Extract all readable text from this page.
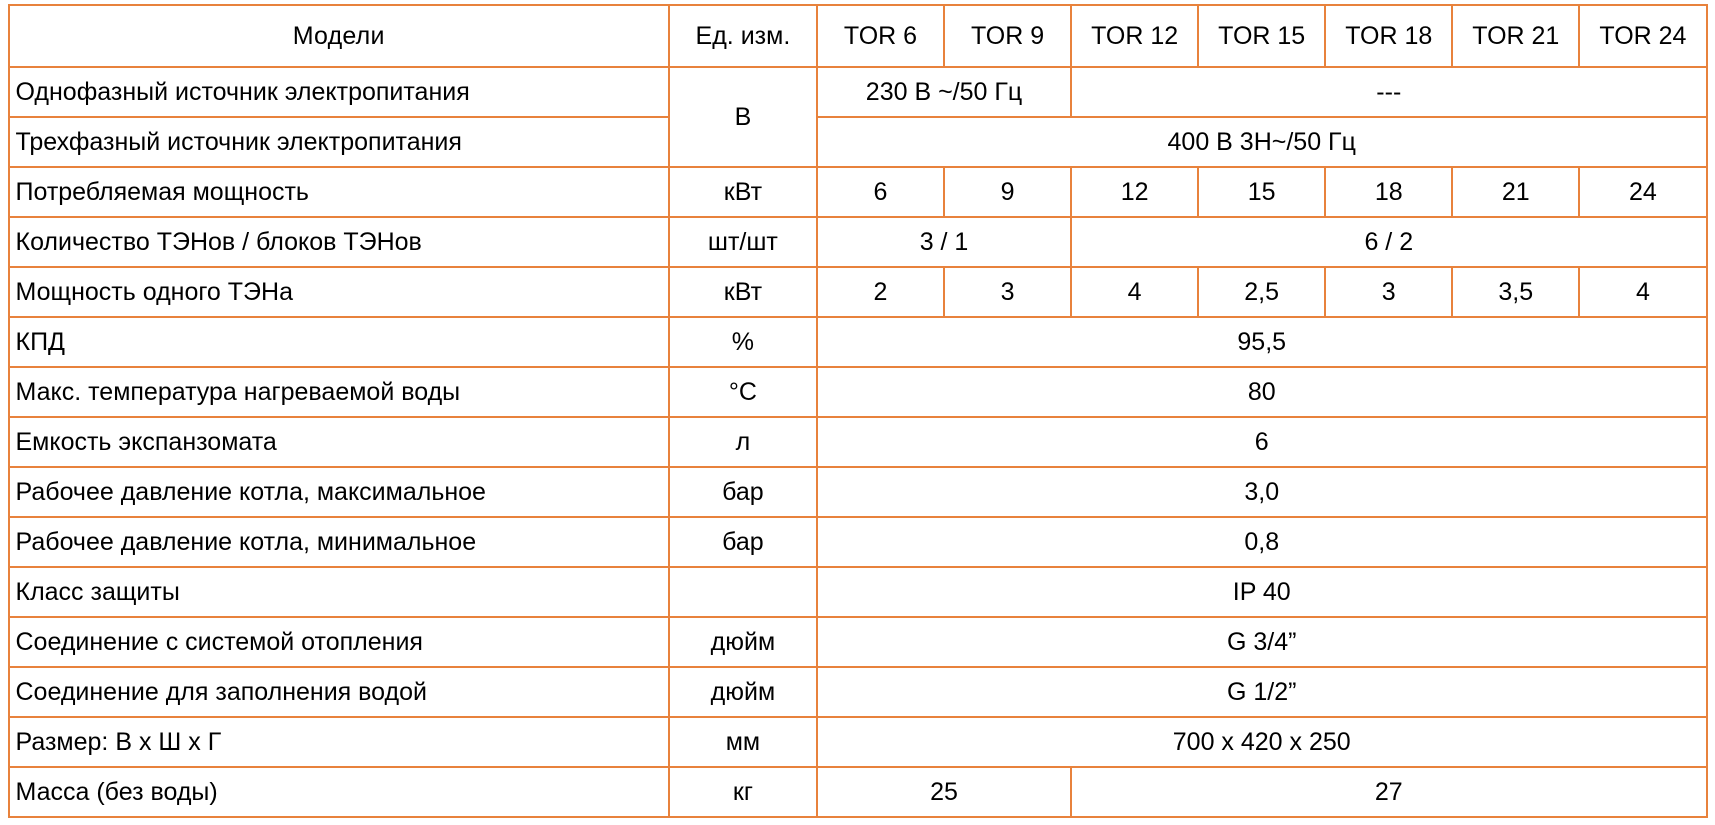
Модели	Ед. изм.	TOR 6	TOR 9	TOR 12	TOR 15	TOR 18	TOR 21	TOR 24
Однофазный источник электропитания	В	230 В ~/50 Гц		---				
Трехфазный источник электропитания		400 В 3Н~/50 Гц						
Потребляемая мощность	кВт	6	9	12	15	18	21	24
Количество ТЭНов / блоков ТЭНов	шт/шт	3 / 1		6 / 2				
Мощность одного ТЭНа	кВт	2	3	4	2,5	3	3,5	4
КПД	%	95,5						
Макс. температура нагреваемой воды	°C	80						
Емкость экспанзомата	л	6						
Рабочее давление котла, максимальное	бар	3,0						
Рабочее давление котла, минимальное	бар	0,8						
Класс защиты		IP 40						
Соединение с системой отопления	дюйм	G 3/4”						
Соединение для заполнения водой	дюйм	G 1/2”						
Размер: В х Ш х Г	мм	700 x 420 x 250						
Масса (без воды)	кг	25		27				
